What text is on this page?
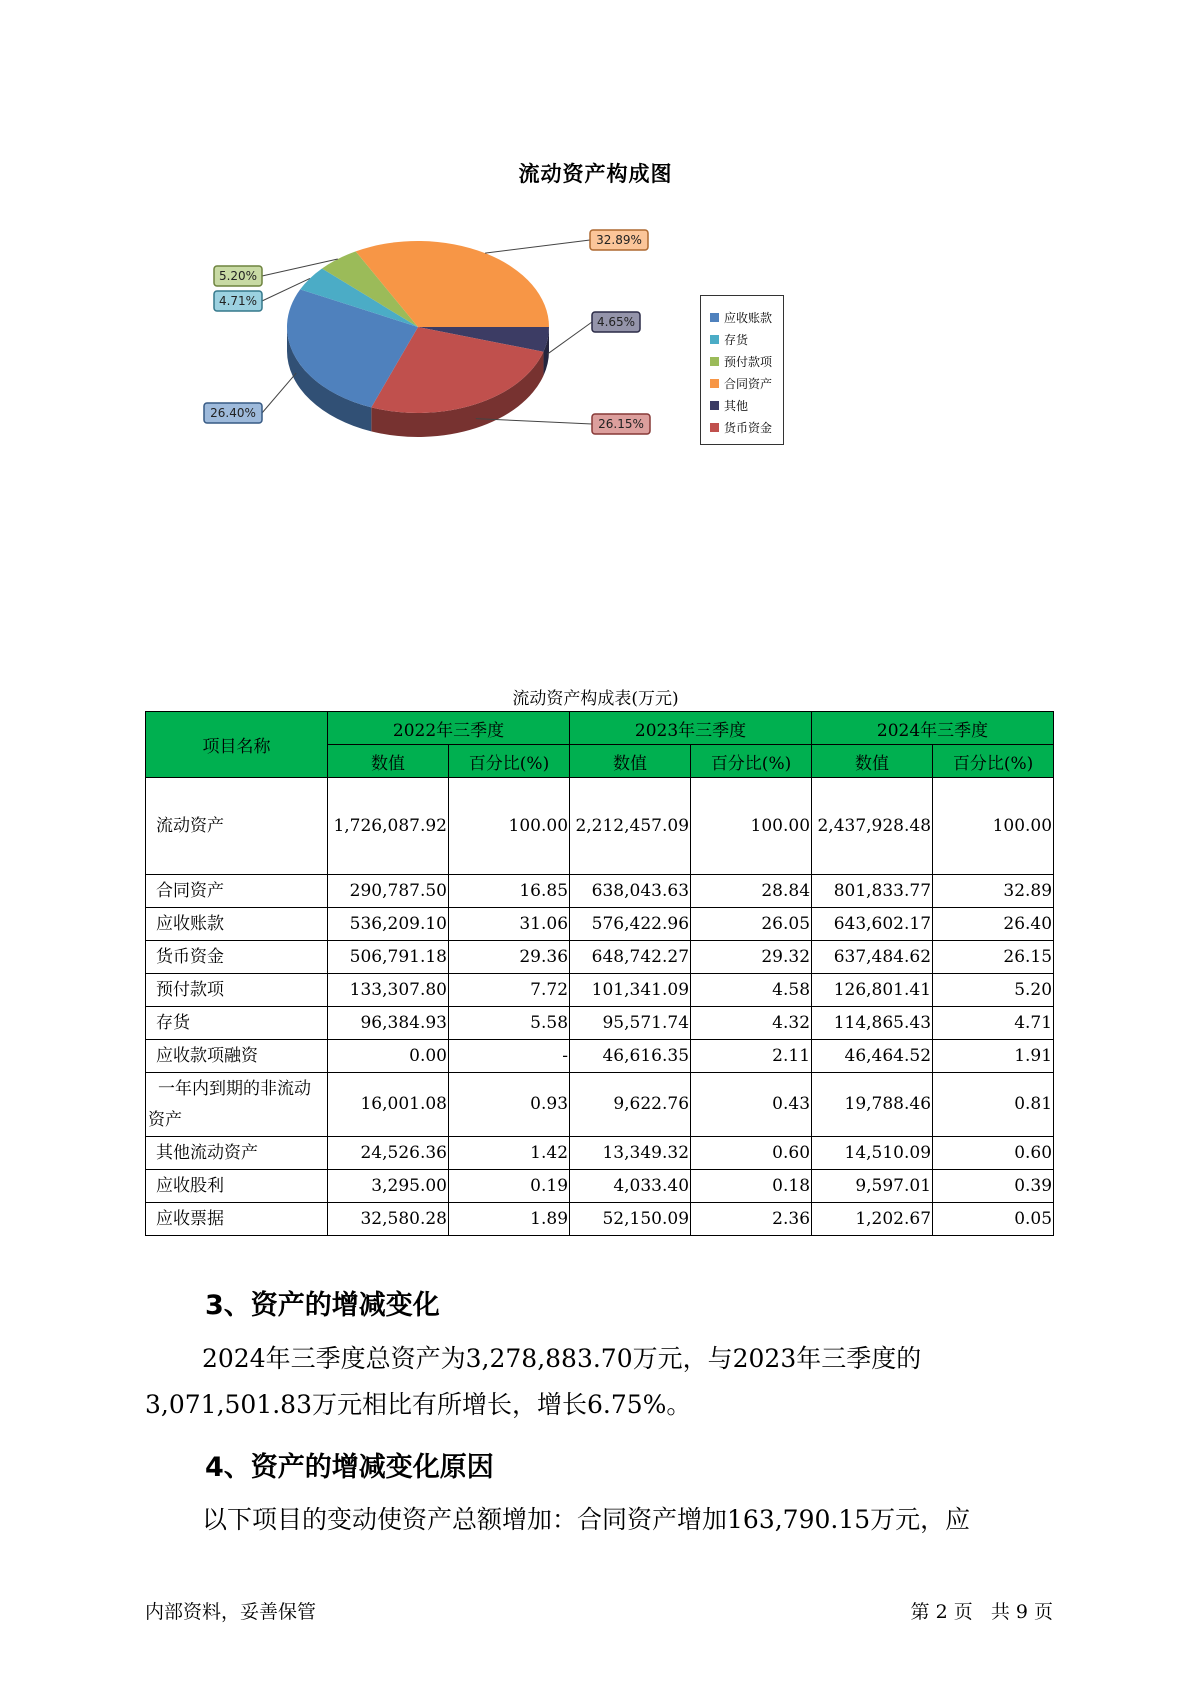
流动资产构成图
4.65%
26.15%
26.40%
4.71%
5.20%
32.89%
应收账款
存货
预付款项
合同资产
其他
货币资金
流动资产构成表(万元)
项目名称	2022年三季度		2023年三季度		2024年三季度	
	数值	百分比(%)	数值	百分比(%)	数值	百分比(%)
流动资产	1,726,087.92	100.00	2,212,457.09	100.00	2,437,928.48	100.00
合同资产	290,787.50	16.85	638,043.63	28.84	801,833.77	32.89
应收账款	536,209.10	31.06	576,422.96	26.05	643,602.17	26.40
货币资金	506,791.18	29.36	648,742.27	29.32	637,484.62	26.15
预付款项	133,307.80	7.72	101,341.09	4.58	126,801.41	5.20
存货	96,384.93	5.58	95,571.74	4.32	114,865.43	4.71
应收款项融资	0.00	-	46,616.35	2.11	46,464.52	1.91
一年内到期的非流动资产	16,001.08	0.93	9,622.76	0.43	19,788.46	0.81
其他流动资产	24,526.36	1.42	13,349.32	0.60	14,510.09	0.60
应收股利	3,295.00	0.19	4,033.40	0.18	9,597.01	0.39
应收票据	32,580.28	1.89	52,150.09	2.36	1,202.67	0.05
3、资产的增减变化
2024年三季度总资产为3,278,883.70万元，与2023年三季度的3,071,501.83万元相比有所增长，增长6.75%。
4、资产的增减变化原因
以下项目的变动使资产总额增加：合同资产增加163,790.15万元，应
内部资料，妥善保管	第 2 页   共 9 页
